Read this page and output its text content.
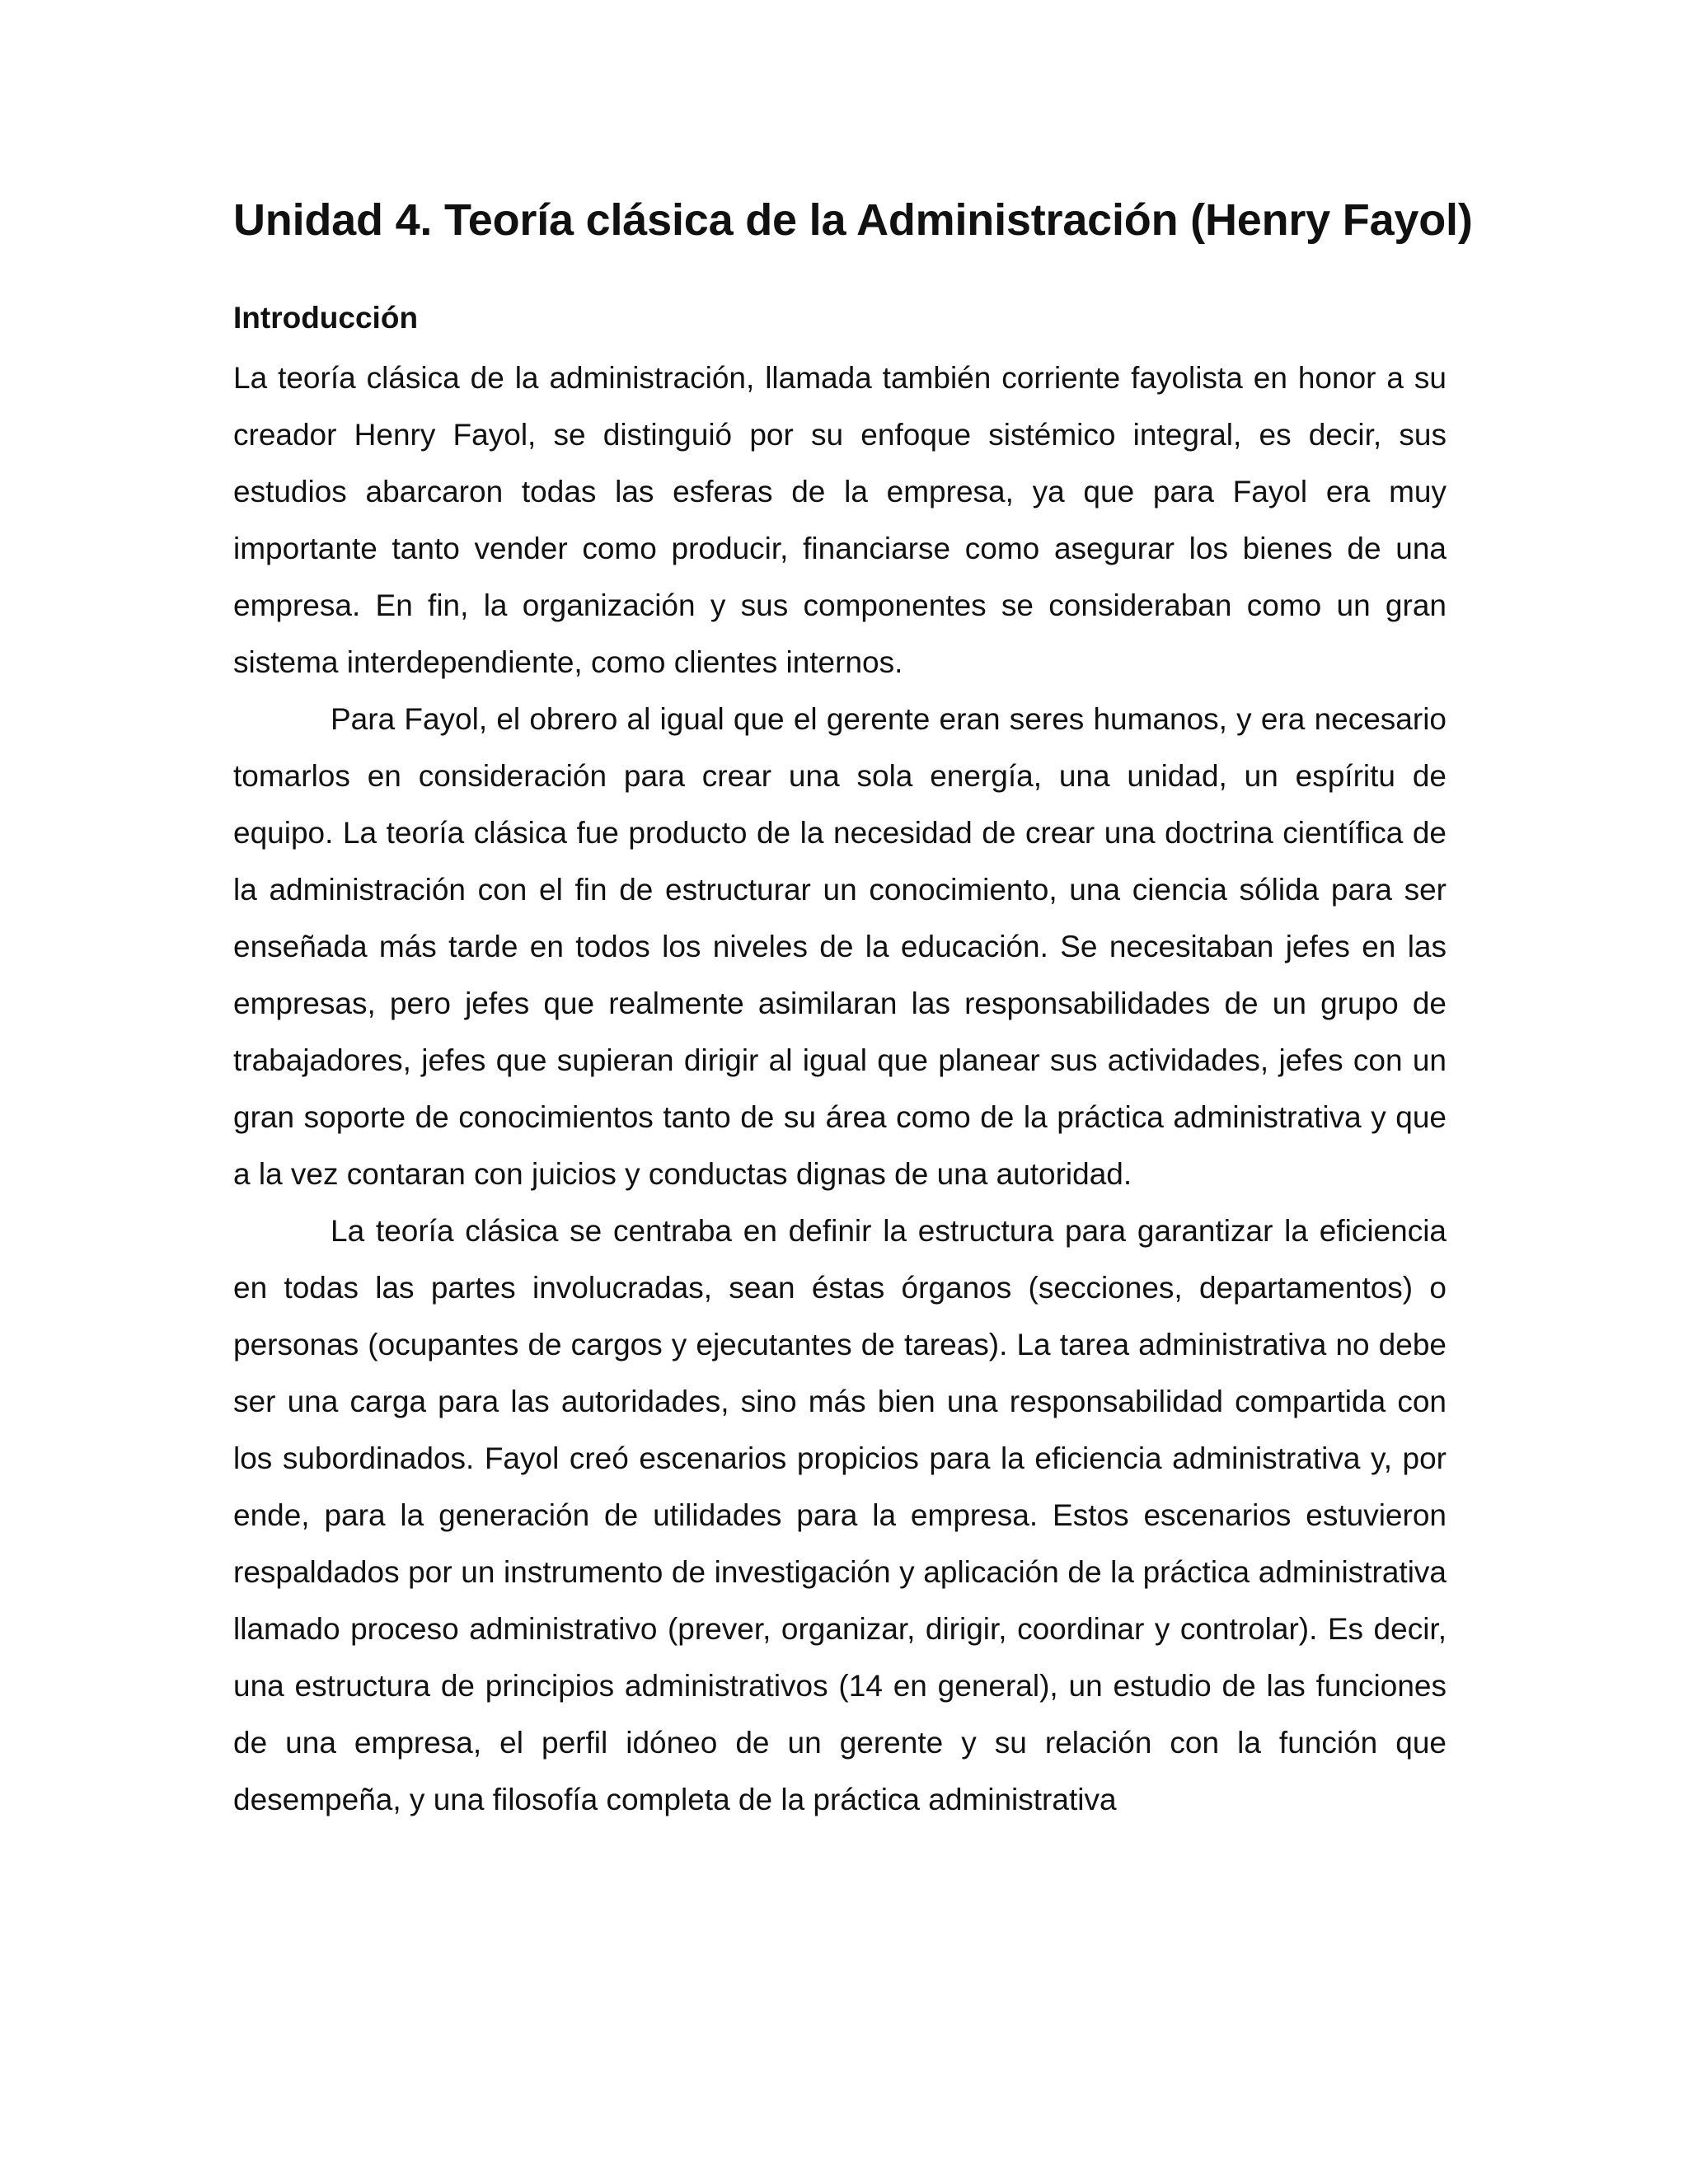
Unidad 4. Teoría clásica de la Administración (Henry Fayol)
Introducción

La teoría clásica de la administración, llamada también corriente fayolista en honor a su creador Henry Fayol, se distinguió por su enfoque sistémico integral, es decir, sus estudios abarcaron todas las esferas de la empresa, ya que para Fayol era muy importante tanto vender como producir, financiarse como asegurar los bienes de una empresa. En fin, la organización y sus componentes se consideraban como un gran sistema interdependiente, como clientes internos.

Para Fayol, el obrero al igual que el gerente eran seres humanos, y era necesario tomarlos en consideración para crear una sola energía, una unidad, un espíritu de equipo. La teoría clásica fue producto de la necesidad de crear una doctrina científica de la administración con el fin de estructurar un conocimiento, una ciencia sólida para ser enseñada más tarde en todos los niveles de la educación. Se necesitaban jefes en las empresas, pero jefes que realmente asimilaran las responsabilidades de un grupo de trabajadores, jefes que supieran dirigir al igual que planear sus actividades, jefes con un gran soporte de conocimientos tanto de su área como de la práctica administrativa y que a la vez contaran con juicios y conductas dignas de una autoridad.

La teoría clásica se centraba en definir la estructura para garantizar la eficiencia en todas las partes involucradas, sean éstas órganos (secciones, departamentos) o personas (ocupantes de cargos y ejecutantes de tareas). La tarea administrativa no debe ser una carga para las autoridades, sino más bien una responsabilidad compartida con los subordinados. Fayol creó escenarios propicios para la eficiencia administrativa y, por ende, para la generación de utilidades para la empresa. Estos escenarios estuvieron respaldados por un instrumento de investigación y aplicación de la práctica administrativa llamado proceso administrativo (prever, organizar, dirigir, coordinar y controlar). Es decir, una estructura de principios administrativos (14 en general), un estudio de las funciones de una empresa, el perfil idóneo de un gerente y su relación con la función que desempeña, y una filosofía completa de la práctica administrativa
